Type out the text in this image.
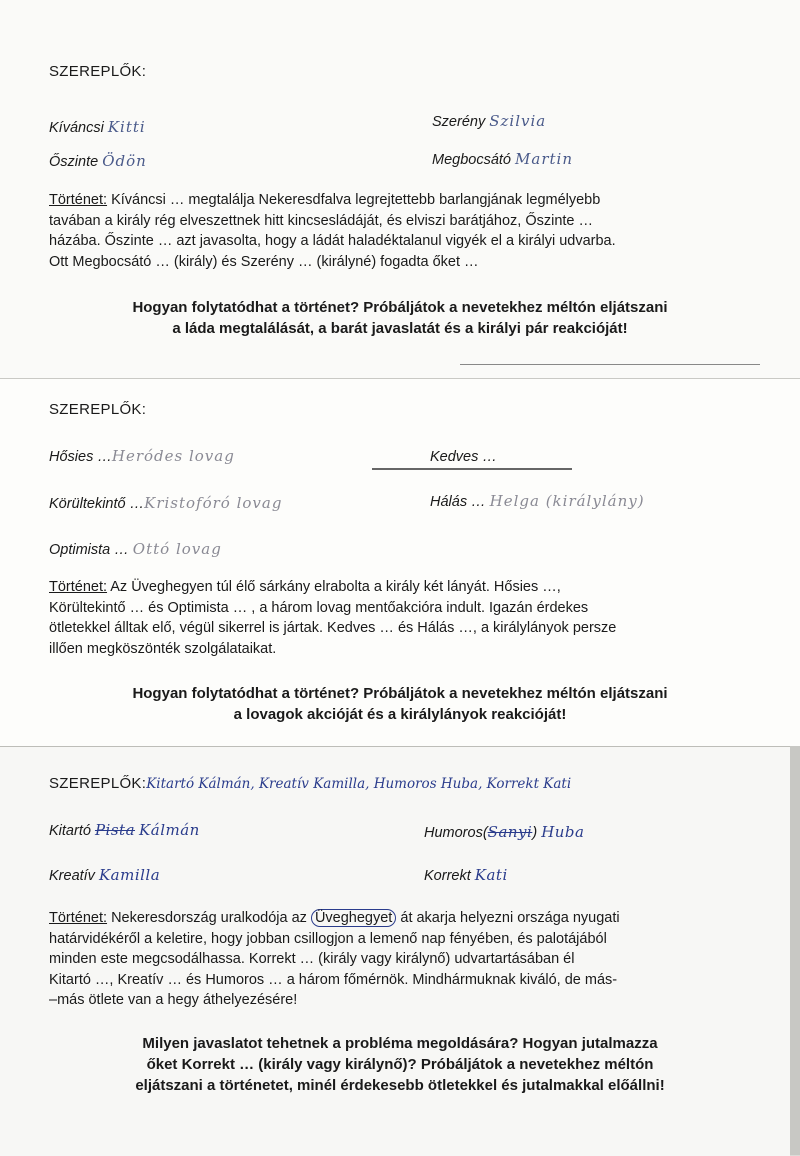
SZEREPLŐK:
Kíváncsi Kitti	Szerény Szilvia
Őszinte Ödön	Megbocsátó Martin
Történet: Kíváncsi … megtalálja Nekeresdfalva legrejtettebb barlangjának legmélyebb
tavában a király rég elveszettnek hitt kincsesládáját, és elviszi barátjához, Őszinte …
házába. Őszinte … azt javasolta, hogy a ládát haladéktalanul vigyék el a királyi udvarba.
Ott Megbocsátó … (király) és Szerény … (királyné) fogadta őket …
Hogyan folytatódhat a történet? Próbáljátok a nevetekhez méltón eljátszani
a láda megtalálását, a barát javaslatát és a királyi pár reakcióját!
SZEREPLŐK:
Hősies …Heródes lovag	Kedves …
Körültekintő …Kristofóró lovag	Hálás … Helga (királylány)
Optimista … Ottó lovag
Történet: Az Üveghegyen túl élő sárkány elrabolta a király két lányát. Hősies …,
Körültekintő … és Optimista … , a három lovag mentőakcióra indult. Igazán érdekes
ötletekkel álltak elő, végül sikerrel is jártak. Kedves … és Hálás …, a királylányok persze
illően megköszönték szolgálataikat.
Hogyan folytatódhat a történet? Próbáljátok a nevetekhez méltón eljátszani
a lovagok akcióját és a királylányok reakcióját!
SZEREPLŐK:Kitartó Kálmán, Kreatív Kamilla, Humoros Huba, Korrekt Kati
Kitartó Pista Kálmán	Humoros(Sanyi) Huba
Kreatív Kamilla	Korrekt Kati
Történet: Nekeresdország uralkodója az Üveghegyet át akarja helyezni országa nyugati
határvidékéről a keletire, hogy jobban csillogjon a lemenő nap fényében, és palotájából
minden este megcsodálhassa. Korrekt … (király vagy királynő) udvartartásában él
Kitartó …, Kreatív … és Humoros … a három főmérnök. Mindhármuknak kiváló, de más-
–más ötlete van a hegy áthelyezésére!
Milyen javaslatot tehetnek a probléma megoldására? Hogyan jutalmazza
őket Korrekt … (király vagy királynő)? Próbáljátok a nevetekhez méltón
eljátszani a történetet, minél érdekesebb ötletekkel és jutalmakkal előállni!
